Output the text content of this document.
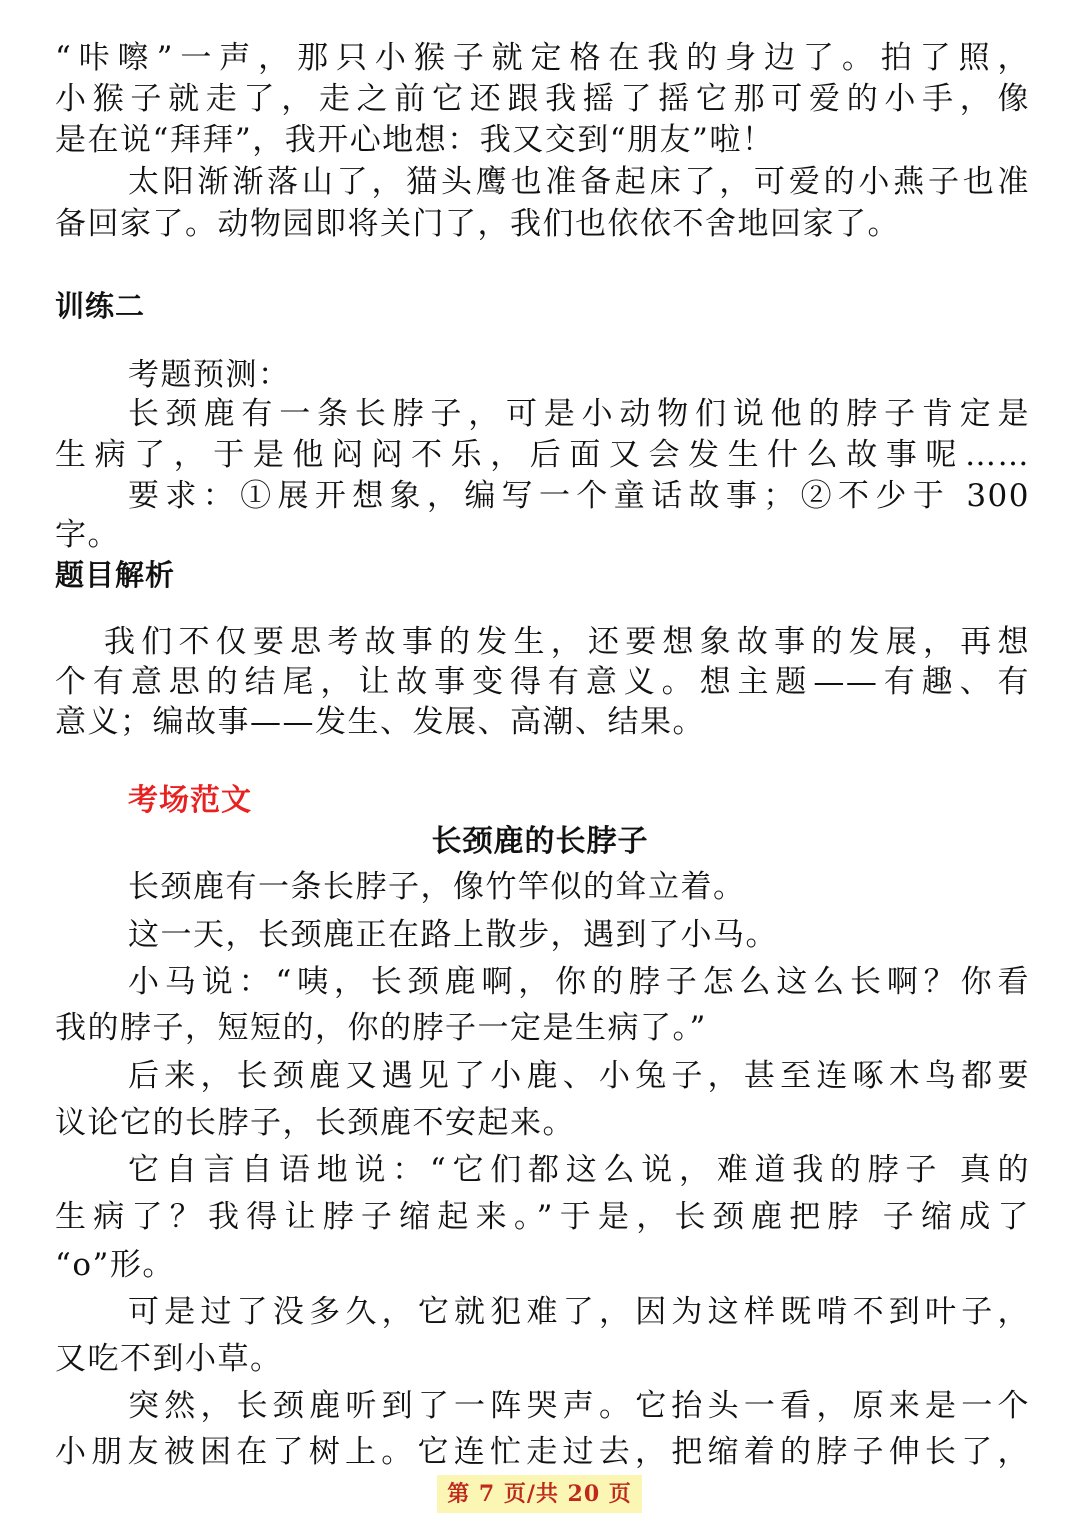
“咔嚓”一声，那只小猴子就定格在我的身边了。拍了照，
小猴子就走了，走之前它还跟我摇了摇它那可爱的小手，像
是在说“拜拜”，我开心地想：我又交到“朋友”啦！
太阳渐渐落山了，猫头鹰也准备起床了，可爱的小燕子也准
备回家了。动物园即将关门了，我们也依依不舍地回家了。
训练二
考题预测：
长颈鹿有一条长脖子，可是小动物们说他的脖子肯定是
生病了，于是他闷闷不乐，后面又会发生什么故事呢……
要求：①展开想象，编写一个童话故事；②不少于 300
字。
题目解析
我们不仅要思考故事的发生，还要想象故事的发展，再想
个有意思的结尾，让故事变得有意义。想主题——有趣、有
意义；编故事——发生、发展、高潮、结果。
考场范文
长颈鹿的长脖子
长颈鹿有一条长脖子，像竹竿似的耸立着。
这一天，长颈鹿正在路上散步，遇到了小马。
小马说：“咦，长颈鹿啊，你的脖子怎么这么长啊？你看
我的脖子，短短的，你的脖子一定是生病了。”
后来，长颈鹿又遇见了小鹿、小兔子，甚至连啄木鸟都要
议论它的长脖子，长颈鹿不安起来。
它自言自语地说：“它们都这么说，难道我的脖子 真的
生病了？我得让脖子缩起来。”于是，长颈鹿把脖 子缩成了
“o”形。
可是过了没多久，它就犯难了，因为这样既啃不到叶子，
又吃不到小草。
突然，长颈鹿听到了一阵哭声。它抬头一看，原来是一个
小朋友被困在了树上。它连忙走过去，把缩着的脖子伸长了，
第 7 页/共 20 页
